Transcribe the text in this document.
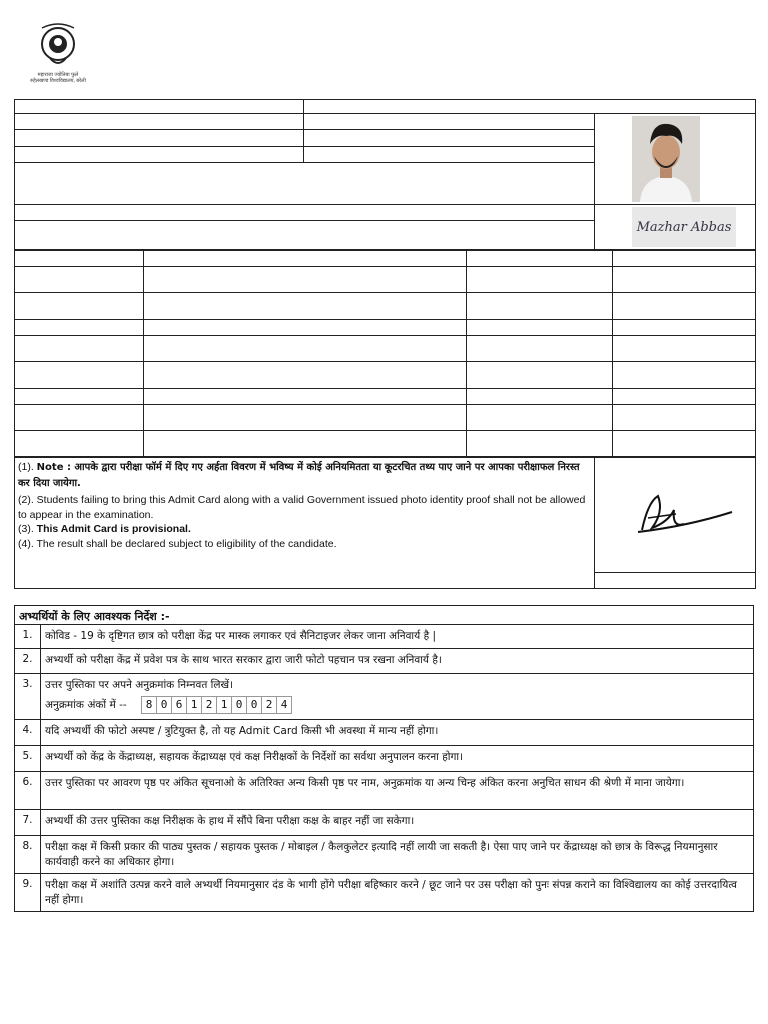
महाराजा ज्योतिबा फुले
रुहेलखण्ड विश्वविद्यालय, बरेली
Mazhar Abbas

(1). Note : आपके द्वारा परीक्षा फॉर्म में दिए गए अर्हता विवरण में भविष्य में कोई अनियमितता या कूटरचित तथ्य पाए जाने पर आपका परीक्षाफल निरस्त कर दिया जायेगा.

(2). Students failing to bring this Admit Card along with a valid Government issued photo identity proof shall not be allowed to appear in the examination.

(3). This Admit Card is provisional.

(4). The result shall be declared subject to eligibility of the candidate.

अभ्यर्थियों के लिए आवश्यक निर्देश :-
1.	कोविड - 19 के दृष्टिगत छात्र को परीक्षा केंद्र पर मास्क लगाकर एवं सैनिटाइजर लेकर जाना अनिवार्य है |
2.	अभ्यर्थी को परीक्षा केंद्र में प्रवेश पत्र के साथ भारत सरकार द्वारा जारी फोटो पहचान पत्र रखना अनिवार्य है।
3.	उत्तर पुस्तिका पर अपने अनुक्रमांक निम्नवत लिखें।
अनुक्रमांक अंकों में --	8 0 6 1 2 1 0 0 2 4
4.	यदि अभ्यर्थी की फोटो अस्पष्ट / त्रुटियुक्त है, तो यह Admit Card किसी भी अवस्था में मान्य नहीं होगा।
5.	अभ्यर्थी को केंद्र के केंद्राध्यक्ष, सहायक केंद्राध्यक्ष एवं कक्ष निरीक्षकों के निर्देशों का सर्वथा अनुपालन करना होगा।
6.	उत्तर पुस्तिका पर आवरण पृष्ठ पर अंकित सूचनाओ के अतिरिक्त अन्य किसी पृष्ठ पर नाम, अनुक्रमांक या अन्य चिन्ह अंकित करना अनुचित साधन की श्रेणी में माना जायेगा।
7.	अभ्यर्थी की उत्तर पुस्तिका कक्ष निरीक्षक के हाथ में सौंपे बिना परीक्षा कक्ष के बाहर नहीं जा सकेगा।
8.	परीक्षा कक्ष में किसी प्रकार की पाठ्य पुस्तक / सहायक पुस्तक / मोबाइल / कैलकुलेटर इत्यादि नहीं लायी जा सकती है। ऐसा पाए जाने पर केंद्राध्यक्ष को छात्र के विरूद्ध नियमानुसार कार्यवाही करने का अधिकार होगा।
9.	परीक्षा कक्ष में अशांति उत्पन्न करने वाले अभ्यर्थी नियमानुसार दंड के भागी होंगे परीक्षा बहिष्कार करने / छूट जाने पर उस परीक्षा को पुनः संपन्न कराने का विश्विद्यालय का कोई उत्तरदायित्व नहीं होगा।
